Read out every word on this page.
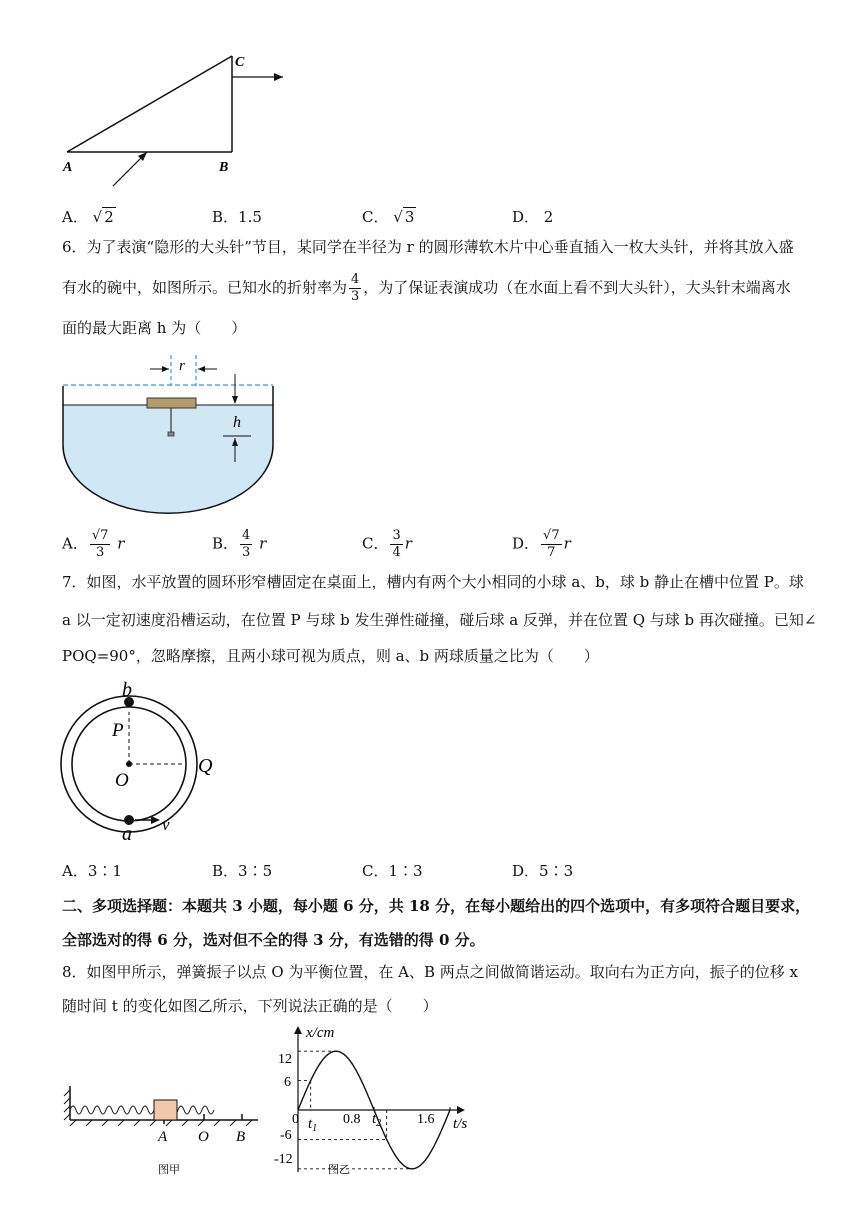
A	B
C
A． √ 2	B．1.5	C． √ 3	D． 2
6．为了表演“隐形的大头针”节目，某同学在半径为 r 的圆形薄软木片中心垂直插入一枚大头针，并将其放入盛
有水的碗中，如图所示。已知水的折射率为 $\frac{4}{3}$ ，为了保证表演成功（在水面上看不到大头针），大头针末端离水
面的最大距离 h 为（　　）
r
h
A． $\frac{√7}{3}$ r	B． $\frac{4}{3}$ r	C． $\frac{3}{4}$ r	D． $\frac{√7}{7}$ r
7．如图，水平放置的圆环形窄槽固定在桌面上，槽内有两个大小相同的小球 a、b，球 b 静止在槽中位置 P。球
a 以一定初速度沿槽运动，在位置 P 与球 b 发生弹性碰撞，碰后球 a 反弹，并在位置 Q 与球 b 再次碰撞。已知∠
POQ=90°，忽略摩擦，且两小球可视为质点，则 a、b 两球质量之比为（　　）
b
P
O
Q
a v
A．3∶1	B．3∶5	C．1∶3	D．5∶3
二、多项选择题：本题共 3 小题，每小题 6 分，共 18 分，在每小题给出的四个选项中，有多项符合题目要求，
全部选对的得 6 分，选对但不全的得 3 分，有选错的得 0 分。
8．如图甲所示，弹簧振子以点 O 为平衡位置，在 A、B 两点之间做简谐运动。取向右为正方向，振子的位移 x
随时间 t 的变化如图乙所示，下列说法正确的是（　　）
A O B
图甲
x/cm
t/s
12
6
-6
-12
0	0.8	1.6
$t_1$
$t_2$
图乙
